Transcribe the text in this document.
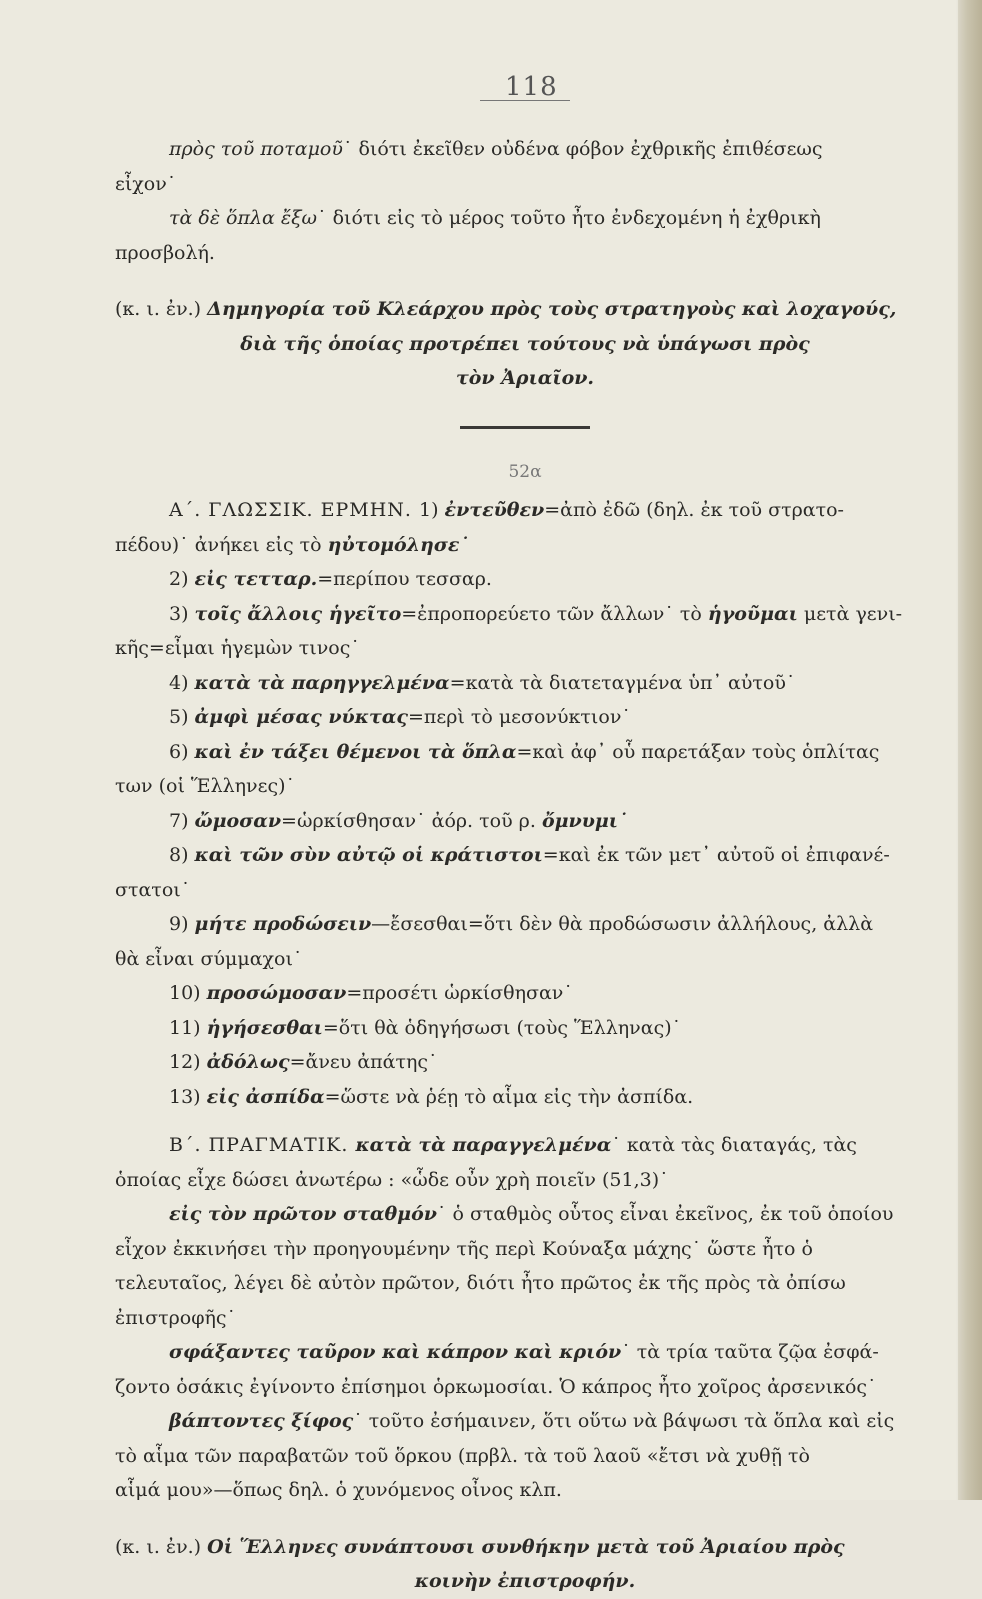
118
πρὸς τοῦ ποταμοῦ˙ διότι ἐκεῖθεν οὐδένα φόβον ἐχθρικῆς ἐπιθέσεως
εἶχον˙
τὰ δὲ ὅπλα ἔξω˙ διότι εἰς τὸ μέρος τοῦτο ἦτο ἐνδεχομένη ἡ ἐχθρικὴ
προσβολή.
(κ. ι. ἐν.) Δημηγορία τοῦ Κλεάρχου πρὸς τοὺς στρατηγοὺς καὶ λοχαγούς,
διὰ τῆς ὁποίας προτρέπει τούτους νὰ ὑπάγωσι πρὸς
τὸν Ἀριαῖον.

52α

Α΄. ΓΛΩΣΣΙΚ. ΕΡΜΗΝ. 1) ἐντεῦθεν=ἀπὸ ἐδῶ (δηλ. ἐκ τοῦ στρατο-
πέδου)˙ ἀνήκει εἰς τὸ ηὐτομόλησε˙
2) εἰς τετταρ.=περίπου τεσσαρ.
3) τοῖς ἄλλοις ἡγεῖτο=ἐπροπορεύετο τῶν ἄλλων˙ τὸ ἡγοῦμαι μετὰ γενι-
κῆς=εἶμαι ἡγεμὼν τινος˙
4) κατὰ τὰ παρηγγελμένα=κατὰ τὰ διατεταγμένα ὑπ᾿ αὐτοῦ˙
5) ἀμφὶ μέσας νύκτας=περὶ τὸ μεσονύκτιον˙
6) καὶ ἐν τάξει θέμενοι τὰ ὅπλα=καὶ ἀφ᾿ οὗ παρετάξαν τοὺς ὁπλίτας
των (οἱ Ἕλληνες)˙
7) ὤμοσαν=ὡρκίσθησαν˙ ἀόρ. τοῦ ρ. ὄμνυμι˙
8) καὶ τῶν σὺν αὐτῷ οἱ κράτιστοι=καὶ ἐκ τῶν μετ᾿ αὐτοῦ οἱ ἐπιφανέ-
στατοι˙
9) μήτε προδώσειν—ἔσεσθαι=ὅτι δὲν θὰ προδώσωσιν ἀλλήλους, ἀλλὰ
θὰ εἶναι σύμμαχοι˙
10) προσώμοσαν=προσέτι ὡρκίσθησαν˙
11) ἡγήσεσθαι=ὅτι θὰ ὁδηγήσωσι (τοὺς Ἕλληνας)˙
12) ἀδόλως=ἄνευ ἀπάτης˙
13) εἰς ἀσπίδα=ὥστε νὰ ῥέῃ τὸ αἷμα εἰς τὴν ἀσπίδα.
Β΄. ΠΡΑΓΜΑΤΙΚ. κατὰ τὰ παραγγελμένα˙ κατὰ τὰς διαταγάς, τὰς
ὁποίας εἶχε δώσει ἀνωτέρω : «ὧδε οὖν χρὴ ποιεῖν (51,3)˙
εἰς τὸν πρῶτον σταθμόν˙ ὁ σταθμὸς οὗτος εἶναι ἐκεῖνος, ἐκ τοῦ ὁποίου
εἶχον ἐκκινήσει τὴν προηγουμένην τῆς περὶ Κούναξα μάχης˙ ὥστε ἦτο ὁ
τελευταῖος, λέγει δὲ αὐτὸν πρῶτον, διότι ἦτο πρῶτος ἐκ τῆς πρὸς τὰ ὀπίσω
ἐπιστροφῆς˙
σφάξαντες ταῦρον καὶ κάπρον καὶ κριόν˙ τὰ τρία ταῦτα ζῷα ἐσφά-
ζοντο ὁσάκις ἐγίνοντο ἐπίσημοι ὁρκωμοσίαι. Ὁ κάπρος ἦτο χοῖρος ἀρσενικός˙
βάπτοντες ξίφος˙ τοῦτο ἐσήμαινεν, ὅτι οὕτω νὰ βάψωσι τὰ ὅπλα καὶ εἰς
τὸ αἷμα τῶν παραβατῶν τοῦ ὅρκου (πρβλ. τὰ τοῦ λαοῦ «ἔτσι νὰ χυθῇ τὸ
αἷμά μου»—ὅπως δηλ. ὁ χυνόμενος οἶνος κλπ.
(κ. ι. ἐν.) Οἱ Ἕλληνες συνάπτουσι συνθήκην μετὰ τοῦ Ἀριαίου πρὸς
κοινὴν ἐπιστροφήν.
